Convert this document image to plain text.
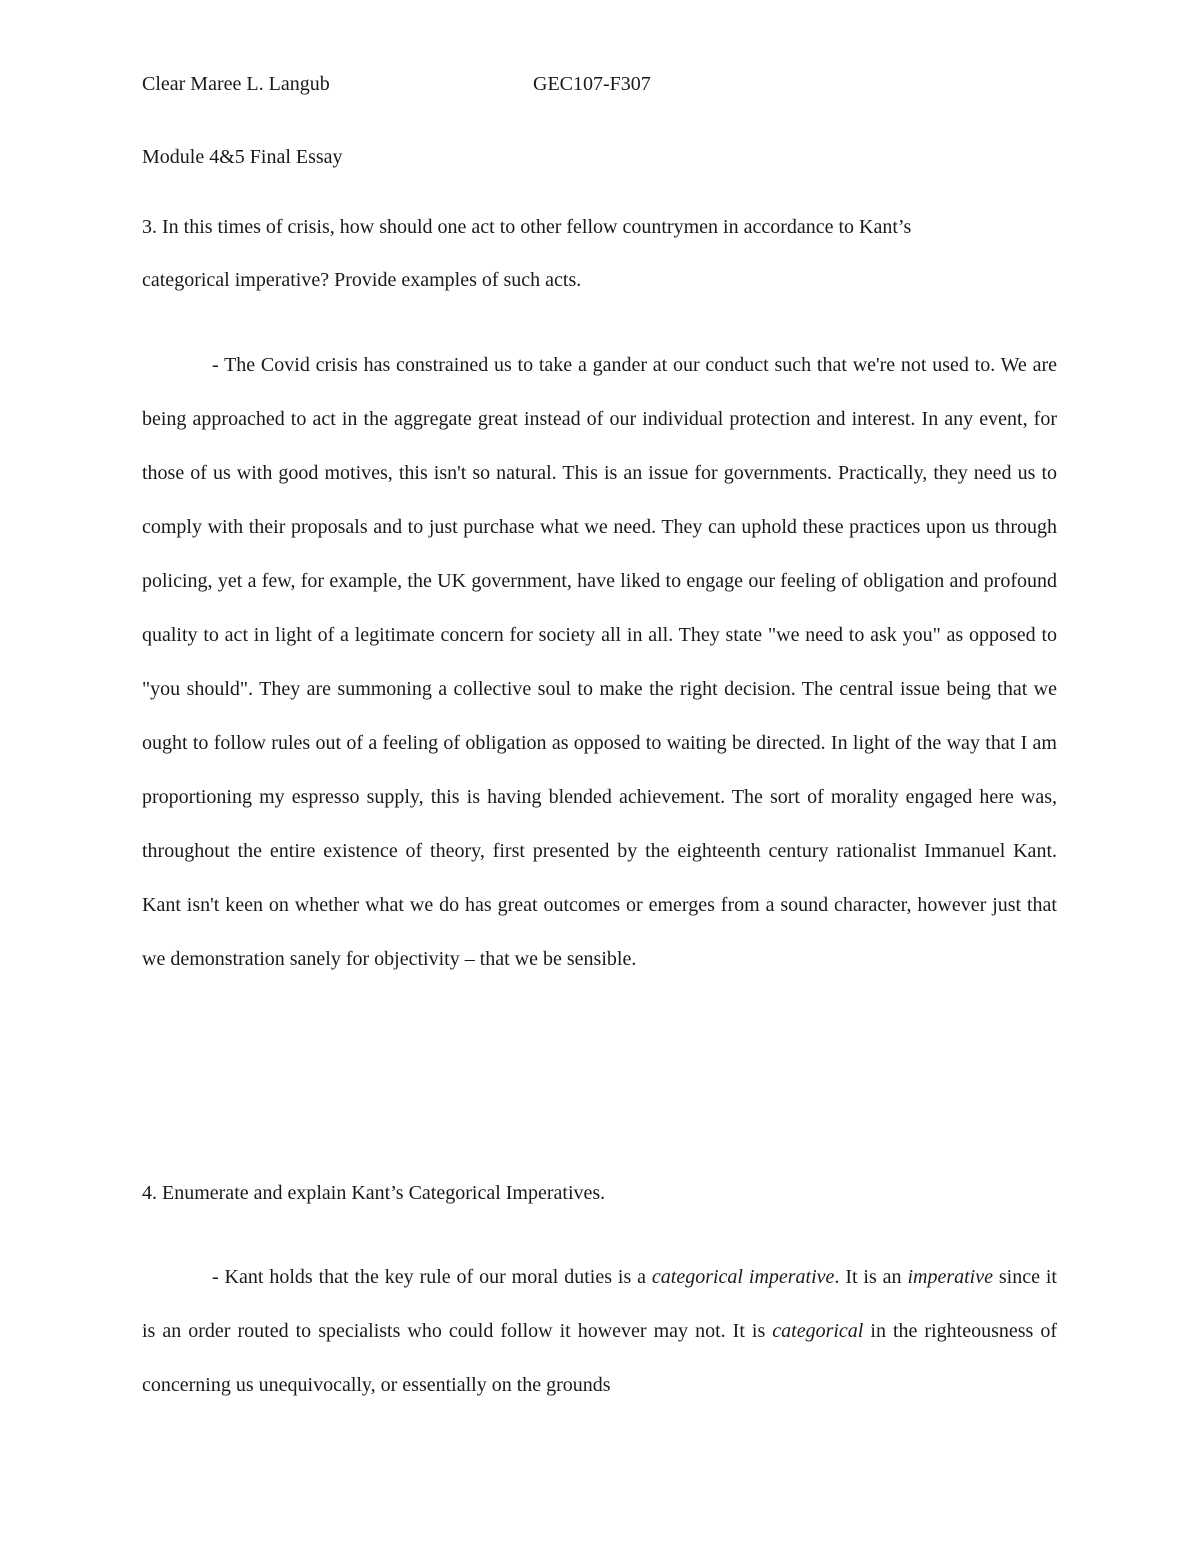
Clear Maree L. Langub	GEC107-F307
Module 4&5 Final Essay
3. In this times of crisis, how should one act to other fellow countrymen in accordance to Kant’s
categorical imperative? Provide examples of such acts.
- The Covid crisis has constrained us to take a gander at our conduct such that we're not used to. We are being approached to act in the aggregate great instead of our individual protection and interest. In any event, for those of us with good motives, this isn't so natural. This is an issue for governments. Practically, they need us to comply with their proposals and to just purchase what we need. They can uphold these practices upon us through policing, yet a few, for example, the UK government, have liked to engage our feeling of obligation and profound quality to act in light of a legitimate concern for society all in all. They state "we need to ask you" as opposed to "you should". They are summoning a collective soul to make the right decision. The central issue being that we ought to follow rules out of a feeling of obligation as opposed to waiting be directed. In light of the way that I am proportioning my espresso supply, this is having blended achievement. The sort of morality engaged here was, throughout the entire existence of theory, first presented by the eighteenth century rationalist Immanuel Kant. Kant isn't keen on whether what we do has great outcomes or emerges from a sound character, however just that we demonstration sanely for objectivity – that we be sensible.
4. Enumerate and explain Kant’s Categorical Imperatives.
- Kant holds that the key rule of our moral duties is a categorical imperative. It is an imperative since it is an order routed to specialists who could follow it however may not. It is categorical in the righteousness of concerning us unequivocally, or essentially on the grounds
